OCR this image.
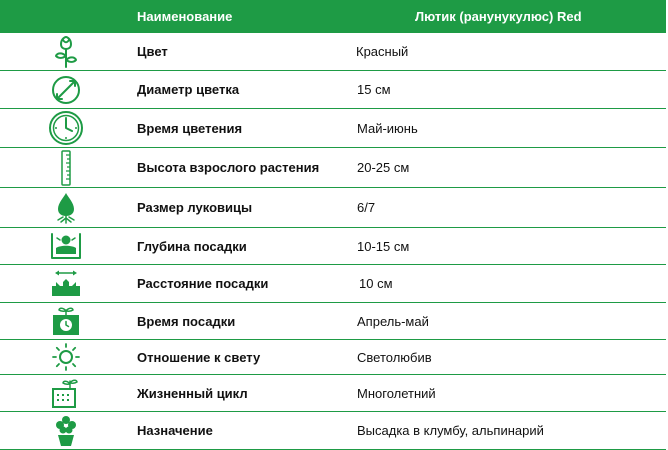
Наименование	Лютик (ранунукулюс) Red
Цвет	Красный
Диаметр цветка	15 см
Время цветения	Май-июнь
Высота взрослого растения	20-25 см
Размер луковицы	6/7
Глубина посадки	10-15 см
Расстояние посадки	10 см
Время посадки	Апрель-май
Отношение к свету	Светолюбив
Жизненный цикл	Многолетний
Назначение	Высадка в клумбу, альпинарий
